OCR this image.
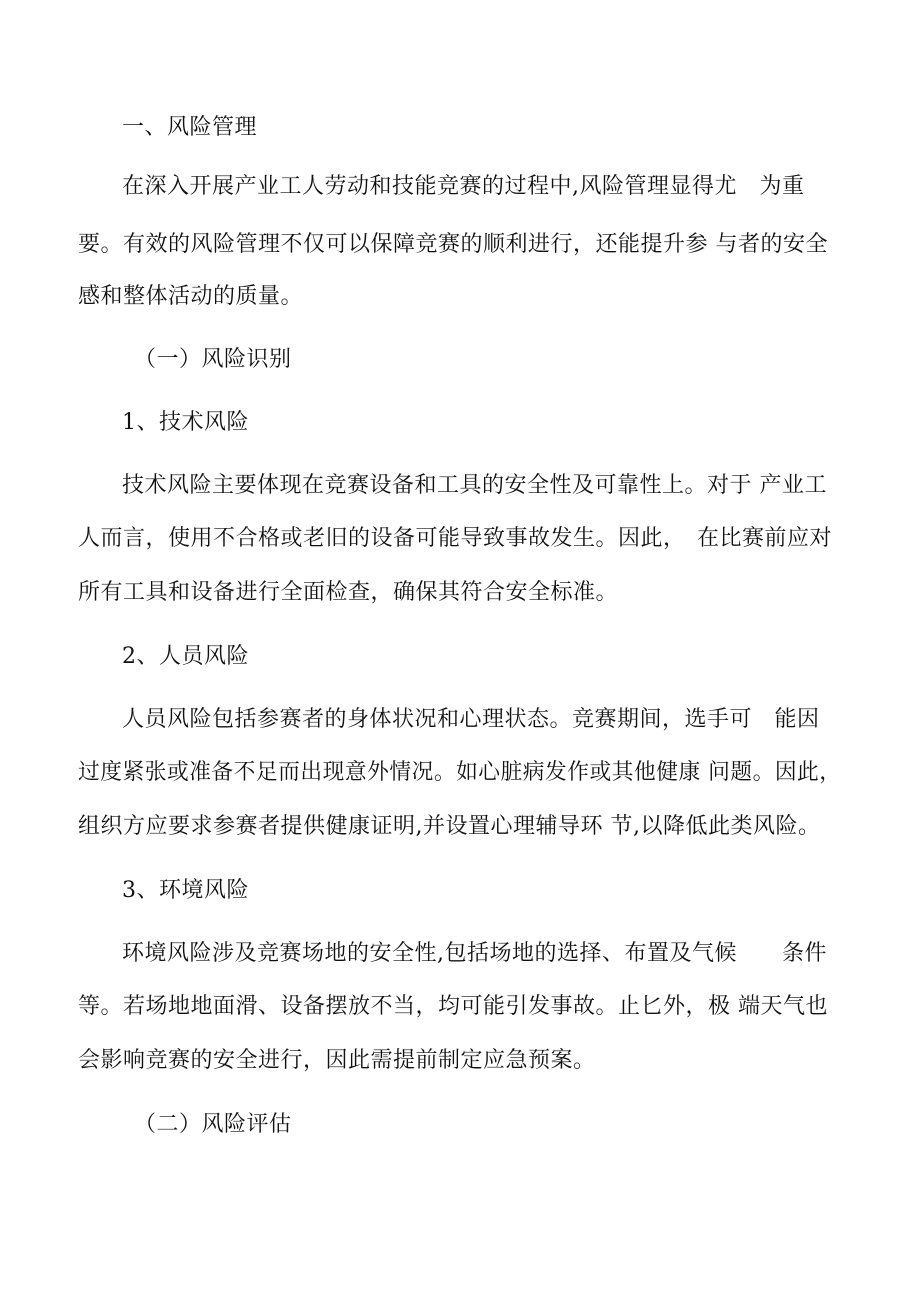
一、风险管理
在深入开展产业工人劳动和技能竞赛的过程中,风险管理显得尤　为重
要。有效的风险管理不仅可以保障竞赛的顺利进行，还能提升参 与者的安全
感和整体活动的质量。
（一）风险识别
1、技术风险
技术风险主要体现在竞赛设备和工具的安全性及可靠性上。对于 产业工
人而言，使用不合格或老旧的设备可能导致事故发生。因此，　在比赛前应对
所有工具和设备进行全面检查，确保其符合安全标准。
2、人员风险
人员风险包括参赛者的身体状况和心理状态。竞赛期间，选手可　能因
过度紧张或准备不足而出现意外情况。如心脏病发作或其他健康 问题。因此，
组织方应要求参赛者提供健康证明,并设置心理辅导环 节,以降低此类风险。
3、环境风险
环境风险涉及竞赛场地的安全性,包括场地的选择、布置及气候　　条件
等。若场地地面滑、设备摆放不当，均可能引发事故。止匕外，极 端天气也
会影响竞赛的安全进行，因此需提前制定应急预案。
（二）风险评估
